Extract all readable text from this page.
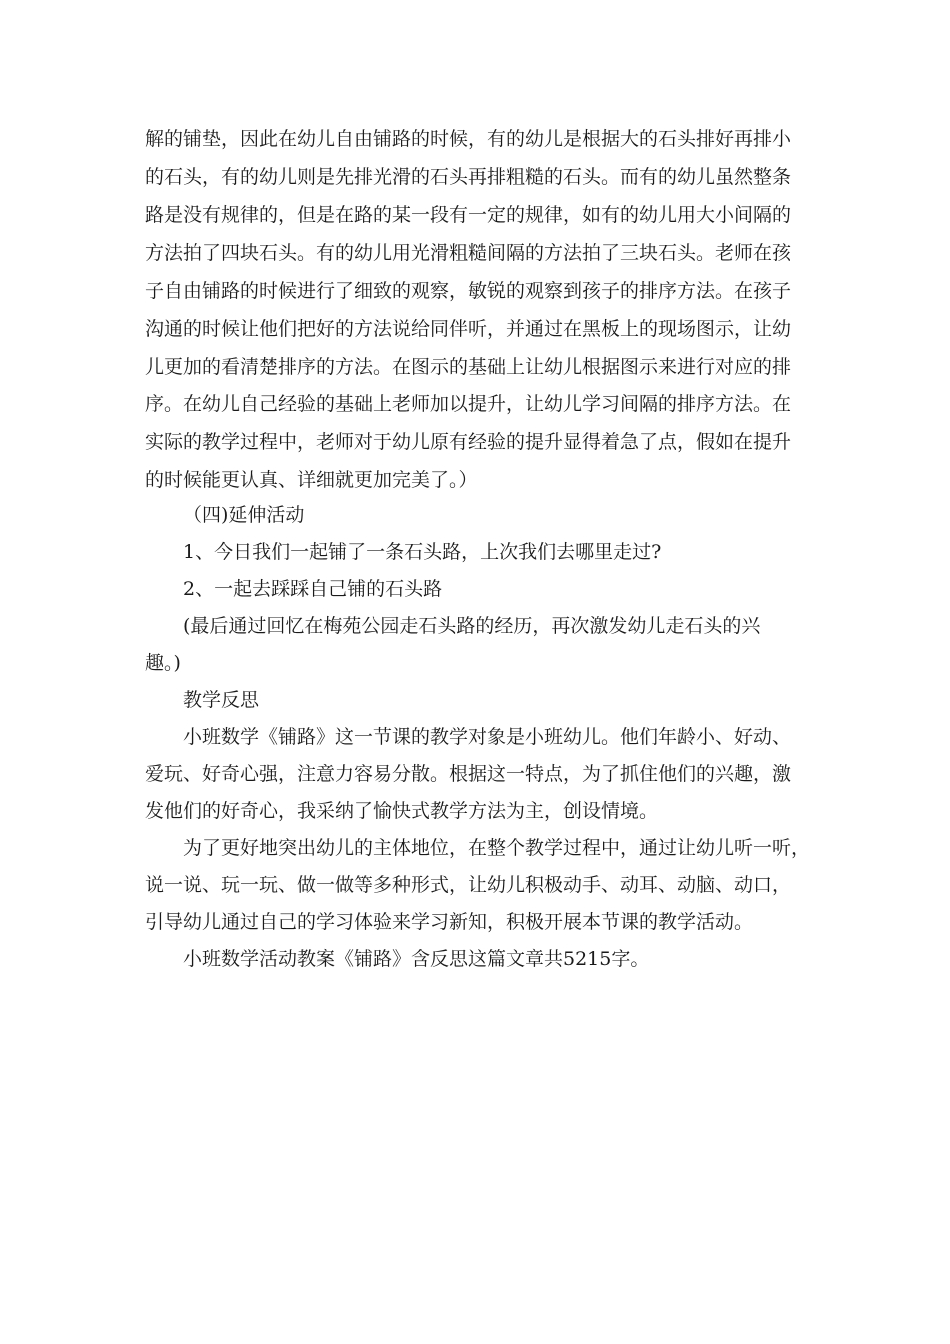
解的铺垫，因此在幼儿自由铺路的时候，有的幼儿是根据大的石头排好再排小
的石头，有的幼儿则是先排光滑的石头再排粗糙的石头。而有的幼儿虽然整条
路是没有规律的，但是在路的某一段有一定的规律，如有的幼儿用大小间隔的
方法拍了四块石头。有的幼儿用光滑粗糙间隔的方法拍了三块石头。老师在孩
子自由铺路的时候进行了细致的观察，敏锐的观察到孩子的排序方法。在孩子
沟通的时候让他们把好的方法说给同伴听，并通过在黑板上的现场图示，让幼
儿更加的看清楚排序的方法。在图示的基础上让幼儿根据图示来进行对应的排
序。在幼儿自己经验的基础上老师加以提升，让幼儿学习间隔的排序方法。在
实际的教学过程中，老师对于幼儿原有经验的提升显得着急了点，假如在提升
的时候能更认真、详细就更加完美了。）
（四)延伸活动
1、今日我们一起铺了一条石头路，上次我们去哪里走过?
2、一起去踩踩自己铺的石头路
(最后通过回忆在梅苑公园走石头路的经历，再次激发幼儿走石头的兴
趣。)
教学反思
小班数学《铺路》这一节课的教学对象是小班幼儿。他们年龄小、好动、
爱玩、好奇心强，注意力容易分散。根据这一特点，为了抓住他们的兴趣，激
发他们的好奇心，我采纳了愉快式教学方法为主，创设情境。
为了更好地突出幼儿的主体地位，在整个教学过程中，通过让幼儿听一听，
说一说、玩一玩、做一做等多种形式，让幼儿积极动手、动耳、动脑、动口，
引导幼儿通过自己的学习体验来学习新知，积极开展本节课的教学活动。
小班数学活动教案《铺路》含反思这篇文章共5215字。
